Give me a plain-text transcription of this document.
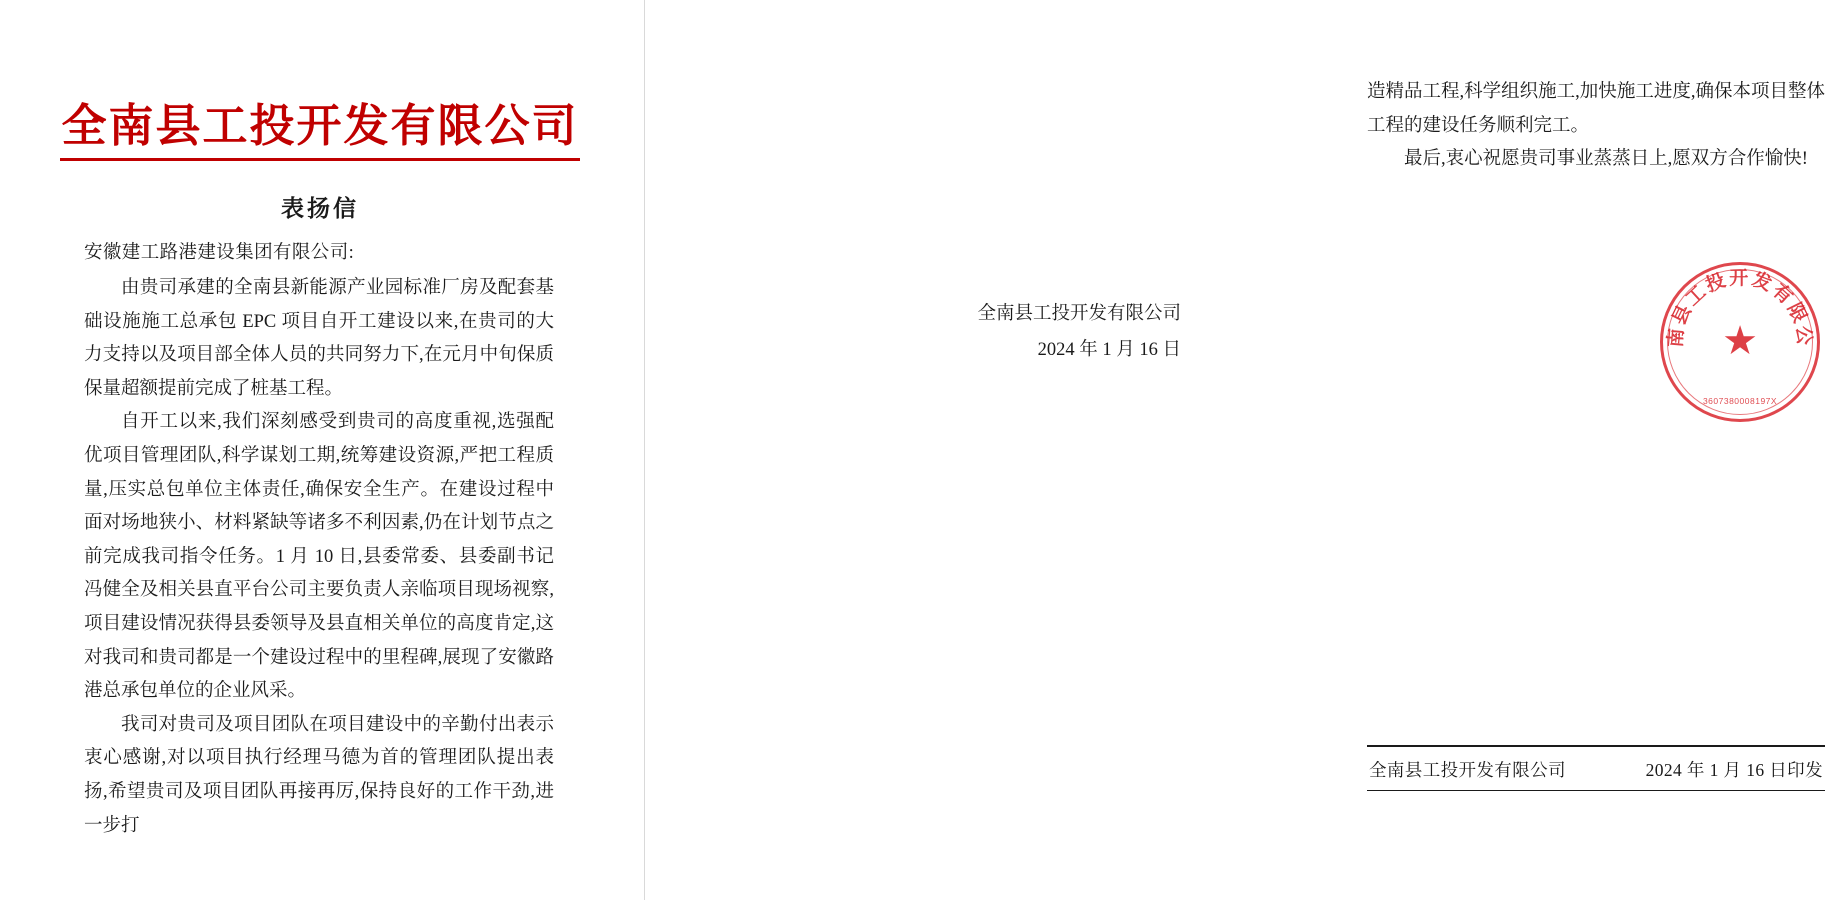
全南县工投开发有限公司
表扬信
安徽建工路港建设集团有限公司:

由贵司承建的全南县新能源产业园标准厂房及配套基础设施施工总承包 EPC 项目自开工建设以来,在贵司的大力支持以及项目部全体人员的共同努力下,在元月中旬保质保量超额提前完成了桩基工程。

自开工以来,我们深刻感受到贵司的高度重视,选强配优项目管理团队,科学谋划工期,统筹建设资源,严把工程质量,压实总包单位主体责任,确保安全生产。在建设过程中面对场地狭小、材料紧缺等诸多不利因素,仍在计划节点之前完成我司指令任务。1 月 10 日,县委常委、县委副书记冯健全及相关县直平台公司主要负责人亲临项目现场视察,项目建设情况获得县委领导及县直相关单位的高度肯定,这对我司和贵司都是一个建设过程中的里程碑,展现了安徽路港总承包单位的企业风采。

我司对贵司及项目团队在项目建设中的辛勤付出表示衷心感谢,对以项目执行经理马德为首的管理团队提出表扬,希望贵司及项目团队再接再厉,保持良好的工作干劲,进一步打

造精品工程,科学组织施工,加快施工进度,确保本项目整体工程的建设任务顺利完工。

最后,衷心祝愿贵司事业蒸蒸日上,愿双方合作愉快!

全南县工投开发有限公司
2024 年 1 月 16 日
南县工投开发有限公
★
3607380008197X
全南县工投开发有限公司	2024 年 1 月 16 日印发
